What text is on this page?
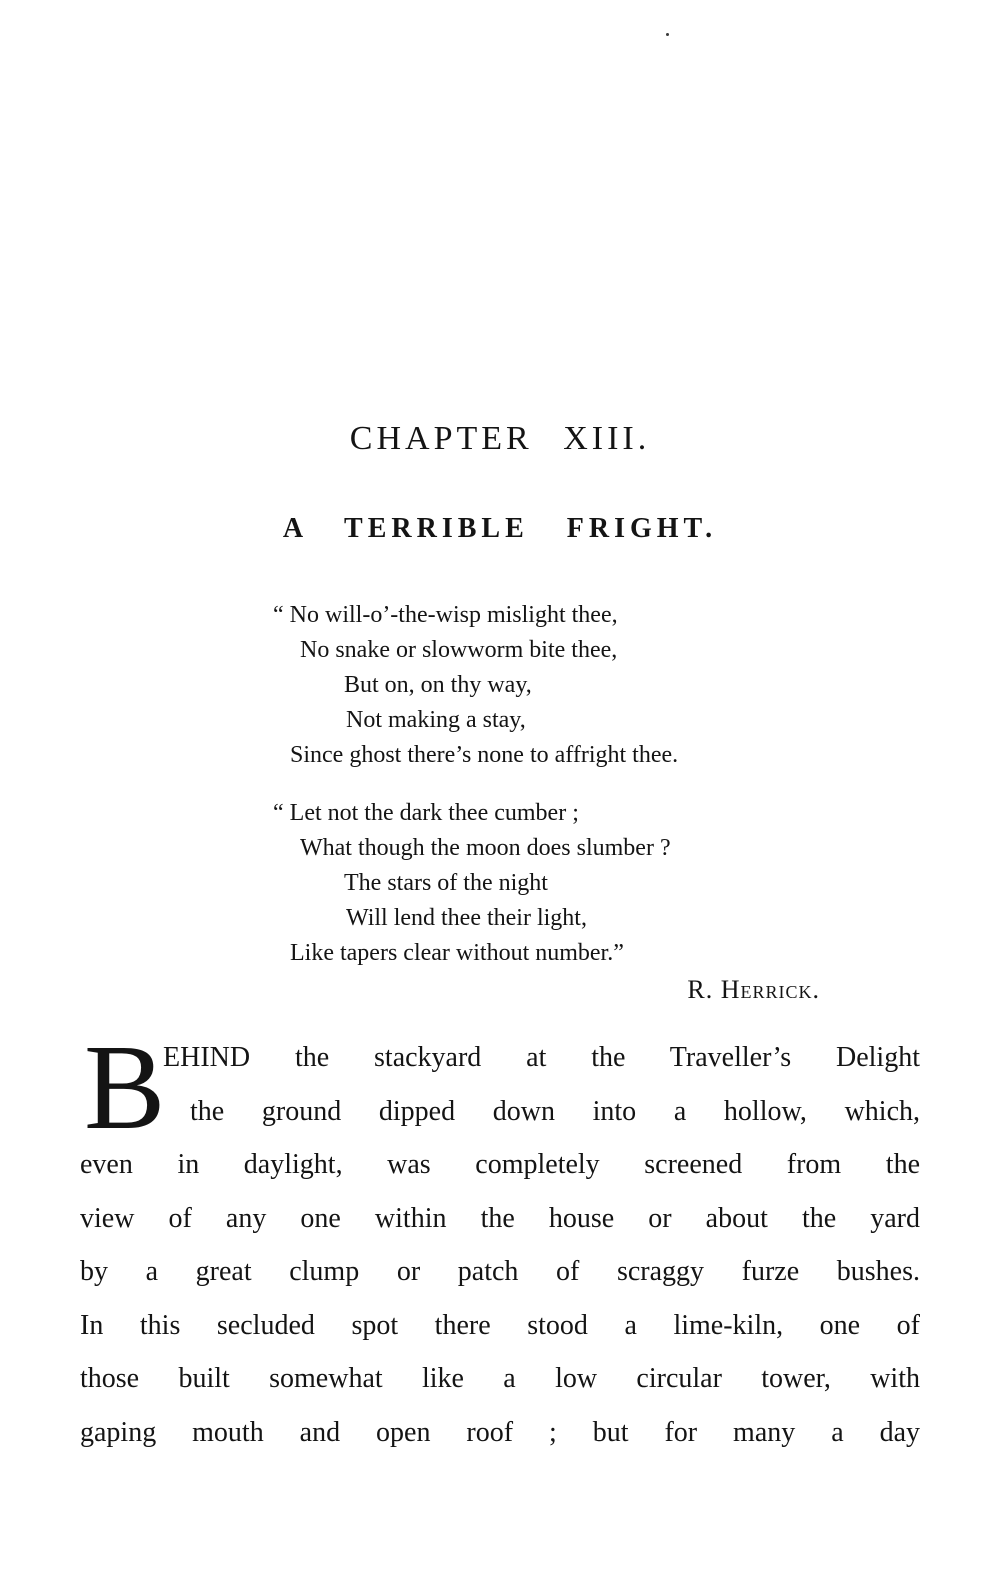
CHAPTER XIII.
A TERRIBLE FRIGHT.
“ No will-o’-the-wisp mislight thee,
No snake or slowworm bite thee,
But on, on thy way,
Not making a stay,
Since ghost there’s none to affright thee.
“ Let not the dark thee cumber ;
What though the moon does slumber ?
The stars of the night
Will lend thee their light,
Like tapers clear without number.”
R. Herrick.
B
EHIND the stackyard at the Traveller’s Delight
the ground dipped down into a hollow, which,
even in daylight, was completely screened from the
view of any one within the house or about the yard
by a great clump or patch of scraggy furze bushes.
In this secluded spot there stood a lime-kiln, one of
those built somewhat like a low circular tower, with
gaping mouth and open roof ; but for many a day
